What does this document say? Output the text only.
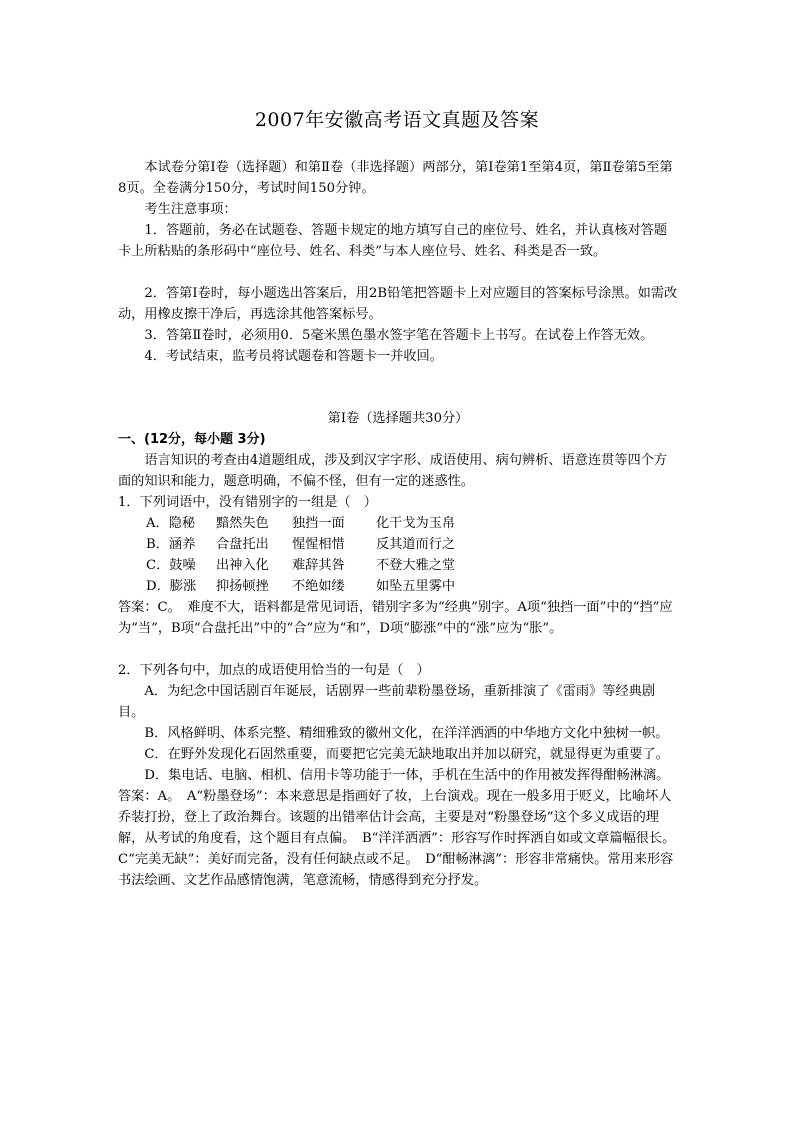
2007年安徽高考语文真题及答案

本试卷分第Ⅰ卷（选择题）和第Ⅱ卷（非选择题）两部分，第Ⅰ卷第1至第4页，第Ⅱ卷第5至第8页。全卷满分150分，考试时间150分钟。

考生注意事项：

1．答题前，务必在试题卷、答题卡规定的地方填写自己的座位号、姓名，并认真核对答题卡上所粘贴的条形码中“座位号、姓名、科类”与本人座位号、姓名、科类是否一致。

2．答第Ⅰ卷时，每小题选出答案后，用2B铅笔把答题卡上对应题目的答案标号涂黑。如需改动，用橡皮擦干净后，再选涂其他答案标号。

3．答第Ⅱ卷时，必须用0．5毫米黑色墨水签字笔在答题卡上书写。在试卷上作答无效。

4．考试结束，监考员将试题卷和答题卡一并收回。

第Ⅰ卷（选择题共30分）

一、(12分，每小题 3分)

语言知识的考查由4道题组成，涉及到汉字字形、成语使用、病句辨析、语意连贯等四个方面的知识和能力，题意明确，不偏不怪，但有一定的迷惑性。

1．下列词语中，没有错别字的一组是（　）

A．隐秘	黯然失色	独挡一面	化干戈为玉帛
B．涵养	合盘托出	惺惺相惜	反其道而行之
C．鼓噪	出神入化	难辞其咎	不登大雅之堂
D．膨涨	抑扬顿挫	不绝如缕	如坠五里雾中

答案：C。　难度不大，语料都是常见词语，错别字多为“经典”别字。A项“独挡一面”中的“挡”应为“当”，B项“合盘托出”中的“合”应为“和”，D项“膨涨”中的“涨”应为“胀”。

2．下列各句中，加点的成语使用恰当的一句是（　）

A．为纪念中国话剧百年诞辰，话剧界一些前辈粉墨登场，重新排演了《雷雨》等经典剧目。

B．风格鲜明、体系完整、精细雅致的徽州文化，在洋洋洒洒的中华地方文化中独树一帜。

C．在野外发现化石固然重要，而要把它完美无缺地取出并加以研究，就显得更为重要了。

D．集电话、电脑、相机、信用卡等功能于一体，手机在生活中的作用被发挥得酣畅淋漓。

答案：A。　A“粉墨登场”：本来意思是指画好了妆，上台演戏。现在一般多用于贬义，比喻坏人乔装打扮，登上了政治舞台。该题的出错率估计会高，主要是对“粉墨登场”这个多义成语的理解，从考试的角度看，这个题目有点偏。　B“洋洋洒洒”：形容写作时挥洒自如或文章篇幅很长。　C“完美无缺”：美好而完备，没有任何缺点或不足。　D“酣畅淋漓”：形容非常痛快。常用来形容书法绘画、文艺作品感情饱满，笔意流畅，情感得到充分抒发。
